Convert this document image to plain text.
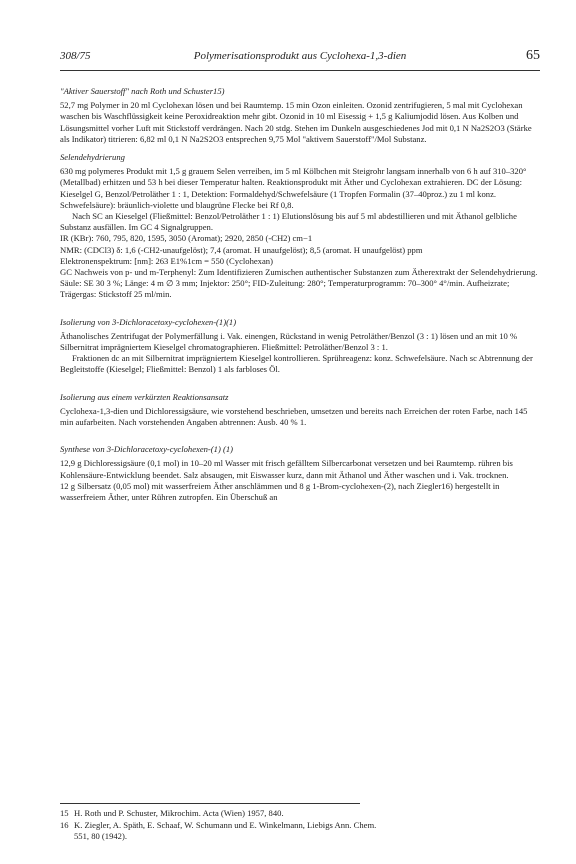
308/75	Polymerisationsprodukt aus Cyclohexa-1,3-dien	65

"Aktiver Sauerstoff" nach Roth und Schuster15)

52,7 mg Polymer in 20 ml Cyclohexan lösen und bei Raumtemp. 15 min Ozon einleiten. Ozonid zentrifugieren, 5 mal mit Cyclohexan waschen bis Waschflüssigkeit keine Peroxidreaktion mehr gibt. Ozonid in 10 ml Eisessig + 1,5 g Kaliumjodid lösen. Aus Kolben und Lösungsmittel vorher Luft mit Stickstoff verdrängen. Nach 20 stdg. Stehen im Dunkeln ausgeschiedenes Jod mit 0,1 N Na2S2O3 (Stärke als Indikator) titrieren: 6,82 ml 0,1 N Na2S2O3 entsprechen 9,75 Mol "aktivem Sauerstoff"/Mol Substanz.

Selendehydrierung

630 mg polymeres Produkt mit 1,5 g grauem Selen verreiben, im 5 ml Kölbchen mit Steigrohr langsam innerhalb von 6 h auf 310–320° (Metallbad) erhitzen und 53 h bei dieser Temperatur halten. Reaktionsprodukt mit Äther und Cyclohexan extrahieren. DC der Lösung: Kieselgel G, Benzol/Petroläther 1 : 1, Detektion: Formaldehyd/Schwefelsäure (1 Tropfen Formalin (37–40proz.) zu 1 ml konz. Schwefelsäure): bräunlich-violette und blaugrüne Flecke bei Rf 0,8.

Nach SC an Kieselgel (Fließmittel: Benzol/Petroläther 1 : 1) Elutionslösung bis auf 5 ml abdestillieren und mit Äthanol gelbliche Substanz ausfällen. Im GC 4 Signalgruppen.

IR (KBr): 760, 795, 820, 1595, 3050 (Aromat); 2920, 2850 (-CH2) cm−1

NMR: (CDCl3) δ: 1,6 (-CH2-unaufgelöst); 7,4 (aromat. H unaufgelöst); 8,5 (aromat. H unaufgelöst) ppm

Elektronenspektrum: [nm]: 263 E1%1cm = 550 (Cyclohexan)

GC Nachweis von p- und m-Terphenyl: Zum Identifizieren Zumischen authentischer Substanzen zum Ätherextrakt der Selendehydrierung.

Säule: SE 30 3 %; Länge: 4 m ∅ 3 mm; Injektor: 250°; FID-Zuleitung: 280°; Temperaturprogramm: 70–300° 4°/min. Aufheizrate; Trägergas: Stickstoff 25 ml/min.

Isolierung von 3-Dichloracetoxy-cyclohexen-(1)(1)

Äthanolisches Zentrifugat der Polymerfällung i. Vak. einengen, Rückstand in wenig Petroläther/Benzol (3 : 1) lösen und an mit 10 % Silbernitrat imprägniertem Kieselgel chromatographieren. Fließmittel: Petroläther/Benzol 3 : 1.

Fraktionen dc an mit Silbernitrat imprägniertem Kieselgel kontrollieren. Sprühreagenz: konz. Schwefelsäure. Nach sc Abtrennung der Begleitstoffe (Kieselgel; Fließmittel: Benzol) 1 als farbloses Öl.

Isolierung aus einem verkürzten Reaktionsansatz

Cyclohexa-1,3-dien und Dichloressigsäure, wie vorstehend beschrieben, umsetzen und bereits nach Erreichen der roten Farbe, nach 145 min aufarbeiten. Nach vorstehenden Angaben abtrennen: Ausb. 40 % 1.

Synthese von 3-Dichloracetoxy-cyclohexen-(1) (1)

12,9 g Dichloressigsäure (0,1 mol) in 10–20 ml Wasser mit frisch gefälltem Silbercarbonat versetzen und bei Raumtemp. rühren bis Kohlensäure-Entwicklung beendet. Salz absaugen, mit Eiswasser kurz, dann mit Äthanol und Äther waschen und i. Vak. trocknen.

12 g Silbersatz (0,05 mol) mit wasserfreiem Äther anschlämmen und 8 g 1-Brom-cyclohexen-(2), nach Ziegler16) hergestellt in wasserfreiem Äther, unter Rühren zutropfen. Ein Überschuß an

15 H. Roth und P. Schuster, Mikrochim. Acta (Wien) 1957, 840.
16 K. Ziegler, A. Späth, E. Schaaf, W. Schumann und E. Winkelmann, Liebigs Ann. Chem.
551, 80 (1942).
